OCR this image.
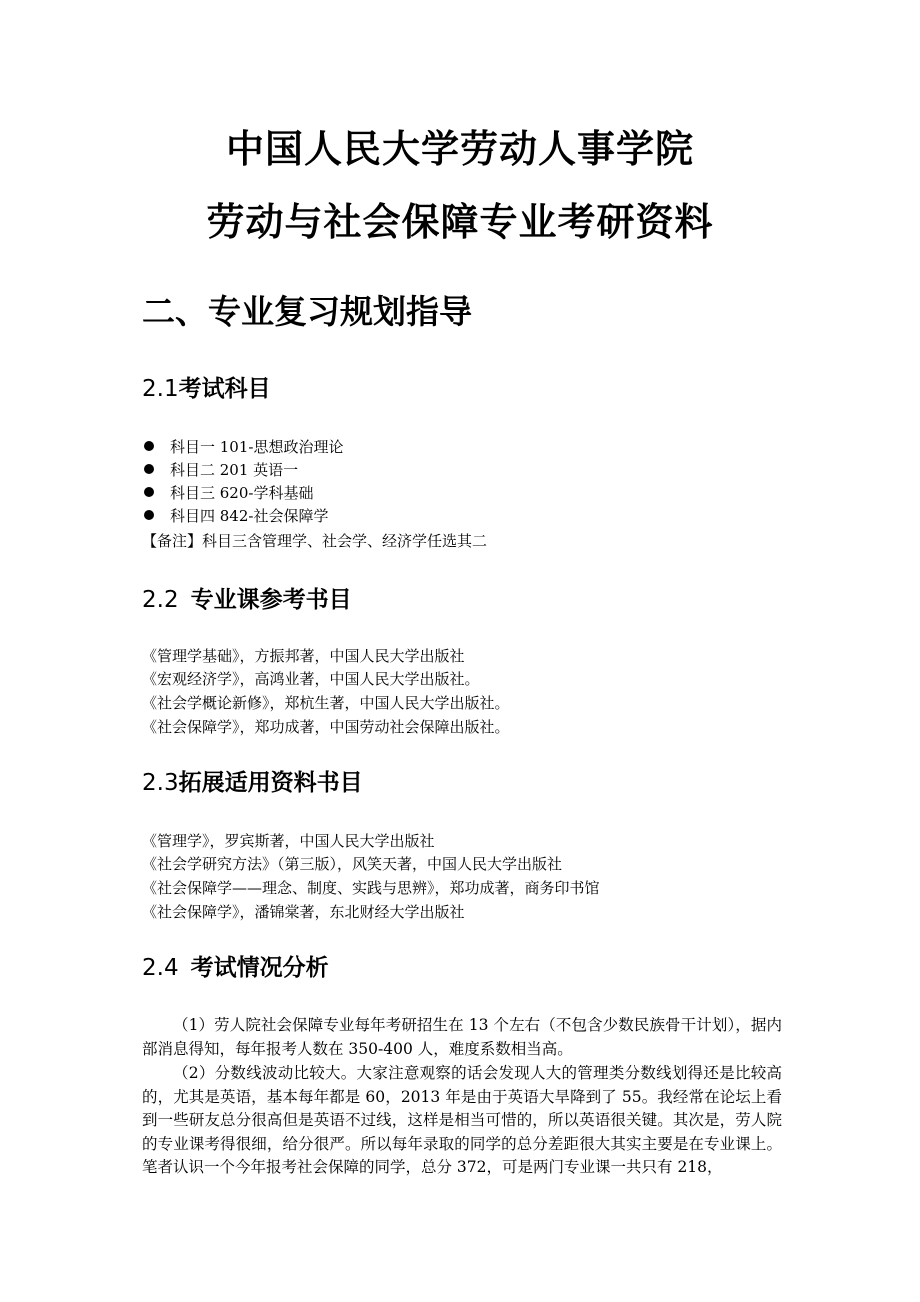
中国人民大学劳动人事学院
劳动与社会保障专业考研资料
二、专业复习规划指导
2.1考试科目
科目一 101-思想政治理论
科目二 201 英语一
科目三 620-学科基础
科目四 842-社会保障学
【备注】科目三含管理学、社会学、经济学任选其二
2.2 专业课参考书目
《管理学基础》，方振邦著，中国人民大学出版社
《宏观经济学》，高鸿业著，中国人民大学出版社。
《社会学概论新修》，郑杭生著，中国人民大学出版社。
《社会保障学》，郑功成著，中国劳动社会保障出版社。
2.3拓展适用资料书目
《管理学》，罗宾斯著，中国人民大学出版社
《社会学研究方法》（第三版），风笑天著，中国人民大学出版社
《社会保障学——理念、制度、实践与思辨》，郑功成著，商务印书馆
《社会保障学》，潘锦棠著，东北财经大学出版社
2.4 考试情况分析

（1）劳人院社会保障专业每年考研招生在 13 个左右（不包含少数民族骨干计划），据内部消息得知，每年报考人数在 350-400 人，难度系数相当高。

（2）分数线波动比较大。大家注意观察的话会发现人大的管理类分数线划得还是比较高的，尤其是英语，基本每年都是 60，2013 年是由于英语大旱降到了 55。我经常在论坛上看到一些研友总分很高但是英语不过线，这样是相当可惜的，所以英语很关键。其次是，劳人院的专业课考得很细，给分很严。所以每年录取的同学的总分差距很大其实主要是在专业课上。笔者认识一个今年报考社会保障的同学，总分 372，可是两门专业课一共只有 218，
